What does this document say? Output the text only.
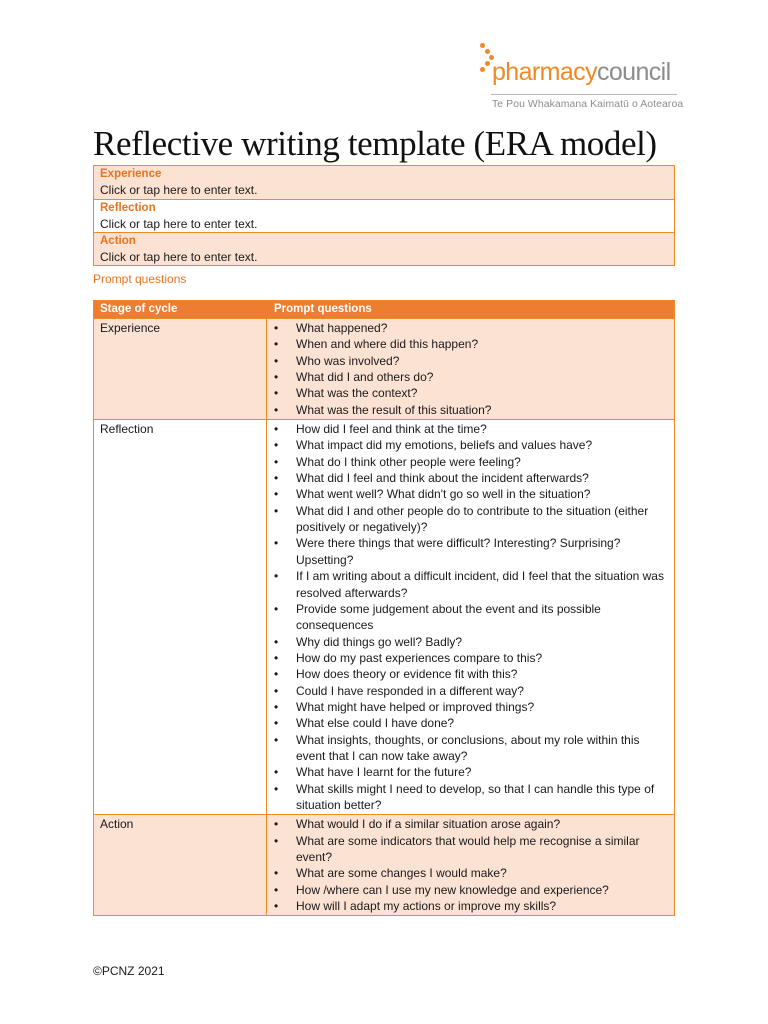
pharmacycouncil
Te Pou Whakamana Kaimatū o Aotearoa
Reflective writing template (ERA model)
Experience
Click or tap here to enter text.
Reflection
Click or tap here to enter text.
Action
Click or tap here to enter text.
Prompt questions
Stage of cycle	Prompt questions
Experience	• What happened?
• When and where did this happen?
• Who was involved?
• What did I and others do?
• What was the context?
• What was the result of this situation?
Reflection	• How did I feel and think at the time?
• What impact did my emotions, beliefs and values have?
• What do I think other people were feeling?
• What did I feel and think about the incident afterwards?
• What went well? What didn't go so well in the situation?
• What did I and other people do to contribute to the situation (either positively or negatively)?
• Were there things that were difficult? Interesting? Surprising? Upsetting?
• If I am writing about a difficult incident, did I feel that the situation was resolved afterwards?
• Provide some judgement about the event and its possible consequences
• Why did things go well? Badly?
• How do my past experiences compare to this?
• How does theory or evidence fit with this?
• Could I have responded in a different way?
• What might have helped or improved things?
• What else could I have done?
• What insights, thoughts, or conclusions, about my role within this event that I can now take away?
• What have I learnt for the future?
• What skills might I need to develop, so that I can handle this type of situation better?
Action	• What would I do if a similar situation arose again?
• What are some indicators that would help me recognise a similar event?
• What are some changes I would make?
• How /where can I use my new knowledge and experience?
• How will I adapt my actions or improve my skills?
©PCNZ 2021
